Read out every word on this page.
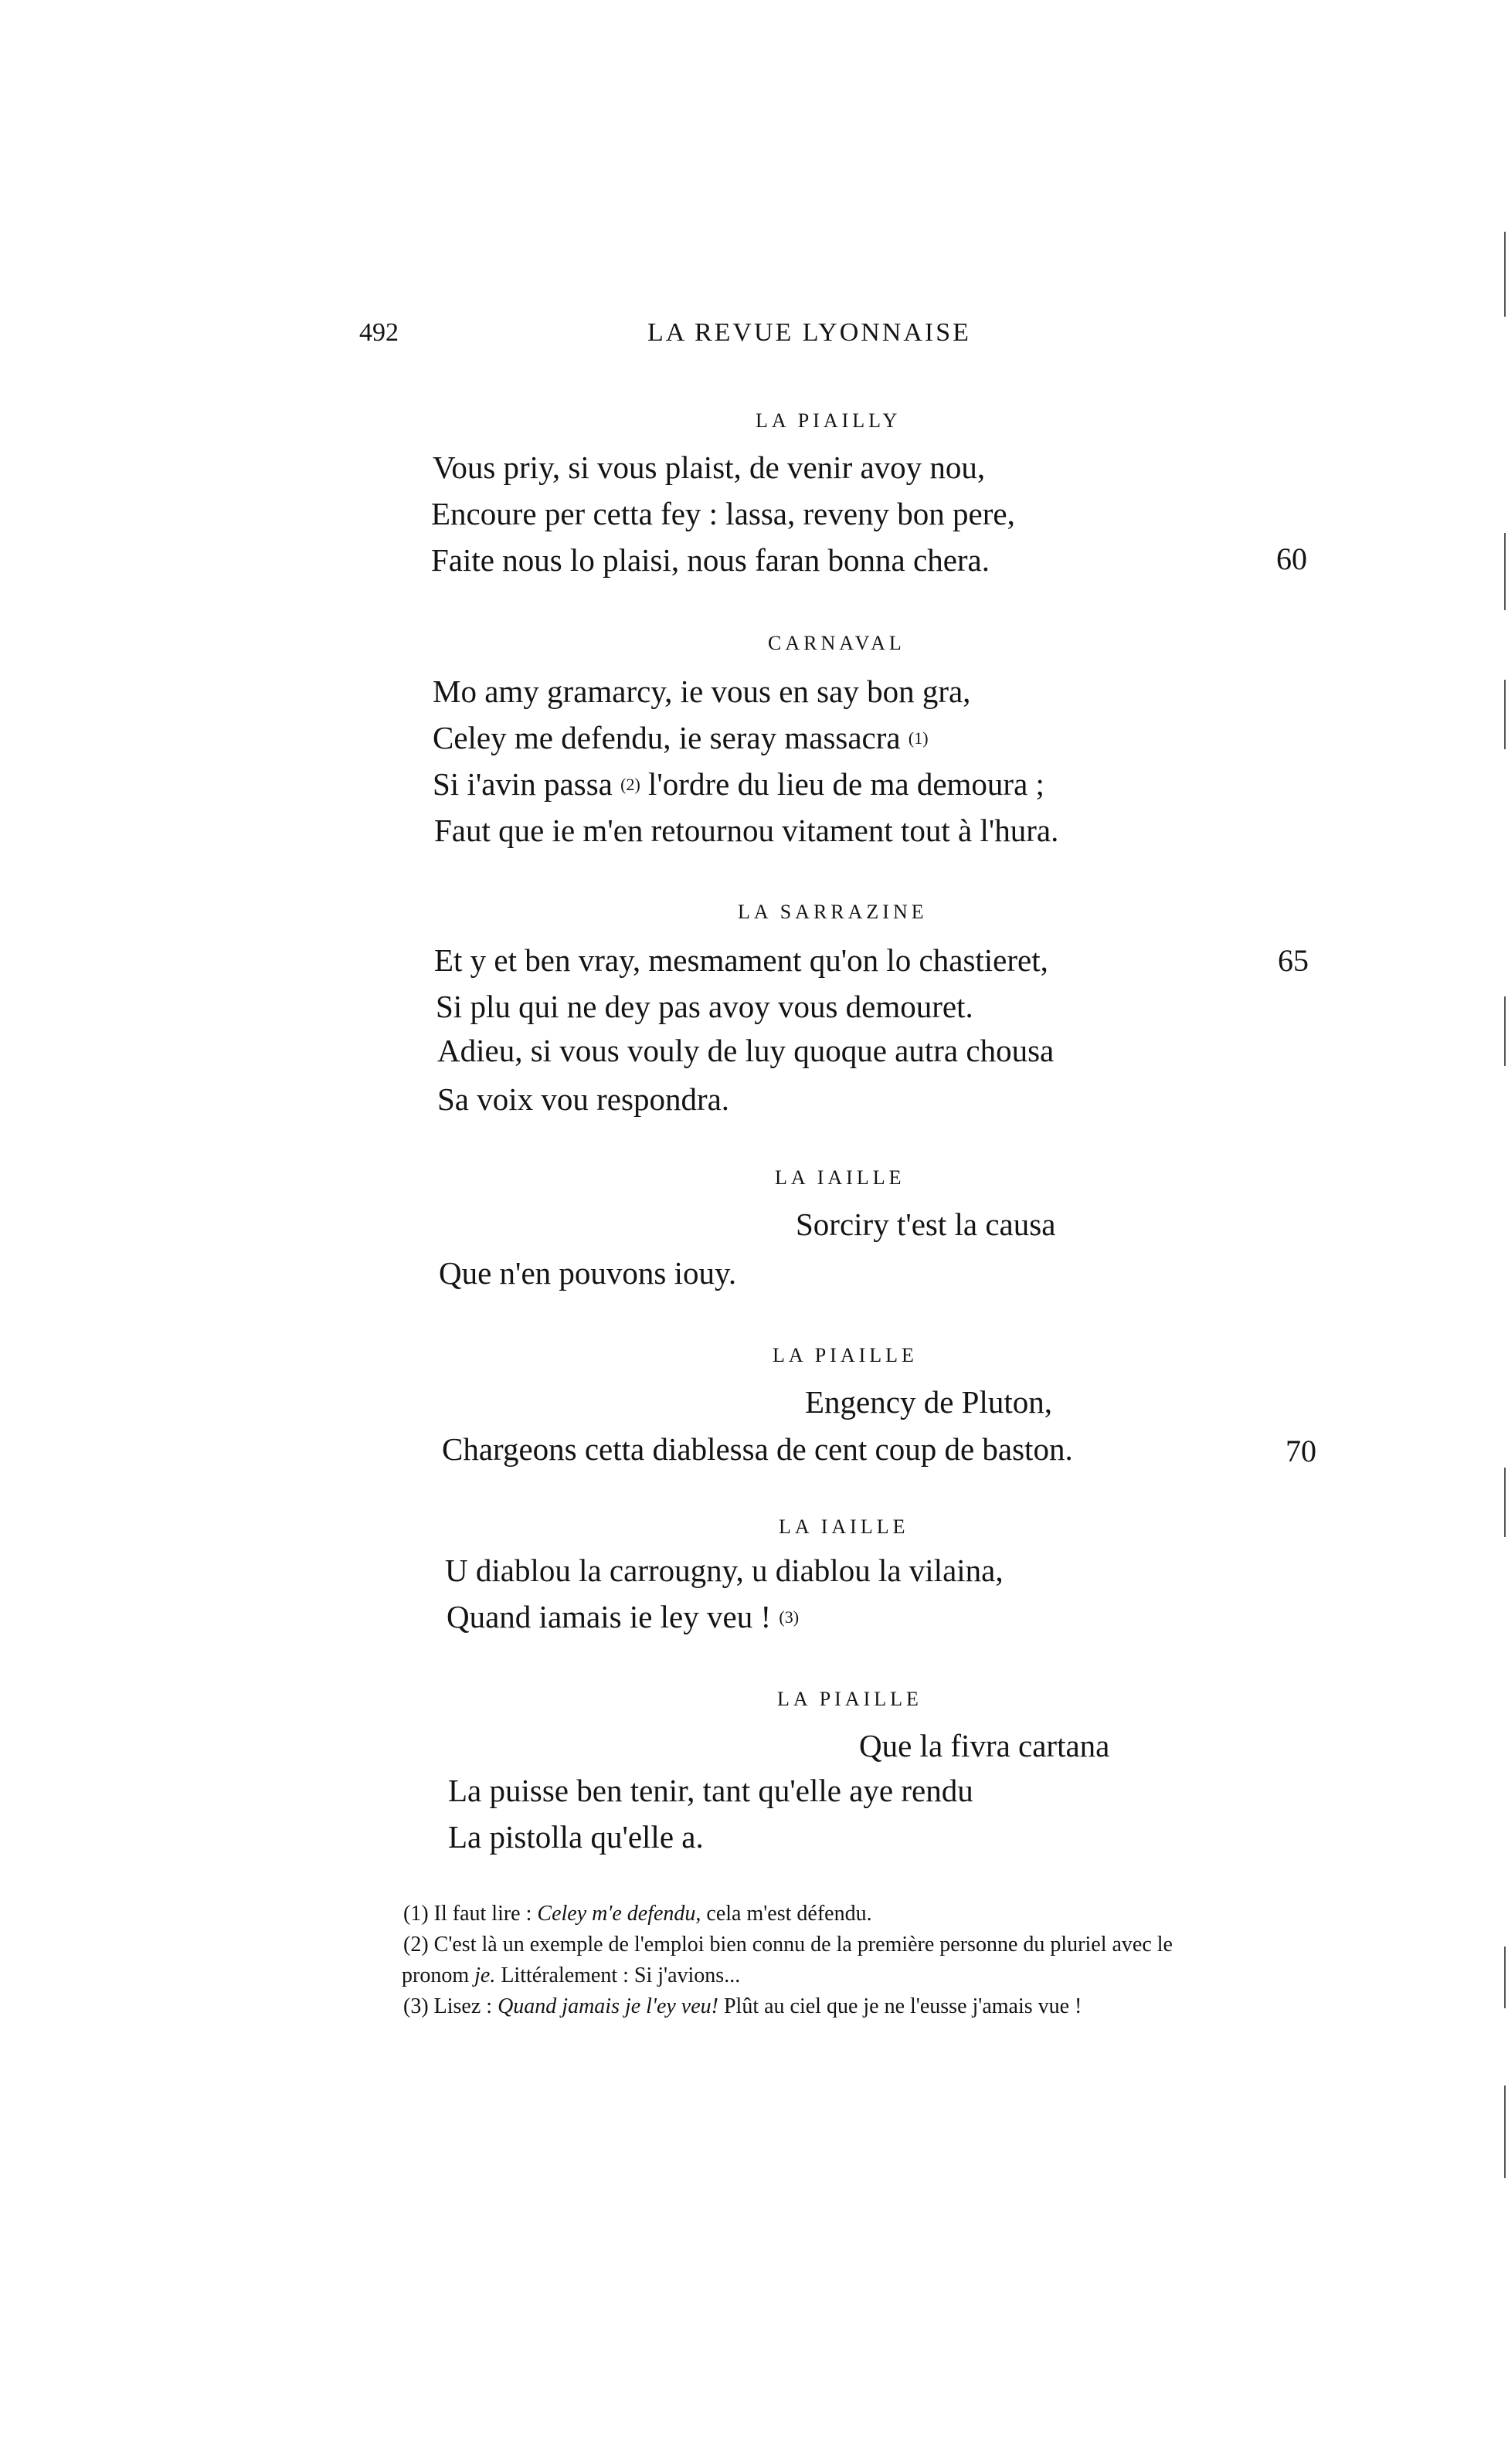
492	LA REVUE LYONNAISE
LA PIAILLY
Vous priy, si vous plaist, de venir avoy nou,
Encoure per cetta fey : lassa, reveny bon pere,
Faite nous lo plaisi, nous faran bonna chera.	60
CARNAVAL
Mo amy gramarcy, ie vous en say bon gra,
Celey me defendu, ie seray massacra $^{(1)}$
Si i'avin passa $^{(2)}$ l'ordre du lieu de ma demoura ;
Faut que ie m'en retournou vitament tout à l'hura.
LA SARRAZINE
Et y et ben vray, mesmament qu'on lo chastieret,	65
Si plu qui ne dey pas avoy vous demouret.
Adieu, si vous vouly de luy quoque autra chousa
Sa voix vou respondra.
LA IAILLE
Sorciry t'est la causa
Que n'en pouvons iouy.
LA PIAILLE
Engency de Pluton,
Chargeons cetta diablessa de cent coup de baston.	70
LA IAILLE
U diablou la carrougny, u diablou la vilaina,
Quand iamais ie ley veu ! $^{(3)}$
LA PIAILLE
Que la fivra cartana
La puisse ben tenir, tant qu'elle aye rendu
La pistolla qu'elle a.
(1) Il faut lire : Celey m'e defendu, cela m'est défendu.
(2) C'est là un exemple de l'emploi bien connu de la première personne du pluriel avec le
pronom je. Littéralement : Si j'avions...
(3) Lisez : Quand jamais je l'ey veu! Plût au ciel que je ne l'eusse j'amais vue !
